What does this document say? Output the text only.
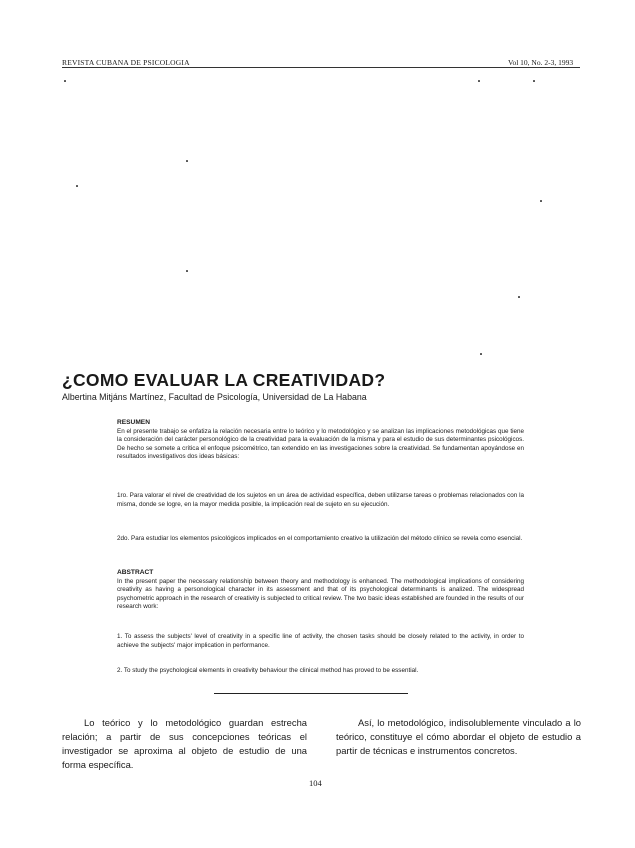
REVISTA CUBANA DE PSICOLOGIA	Vol 10, No. 2-3, 1993
¿COMO EVALUAR LA CREATIVIDAD?
Albertina Mitjáns Martínez, Facultad de Psicología, Universidad de La Habana
RESUMEN

En el presente trabajo se enfatiza la relación necesaria entre lo teórico y lo metodológico y se analizan las implicaciones metodológicas que tiene la consideración del carácter personológico de la creatividad para la evaluación de la misma y para el estudio de sus determinantes psicológicos. De hecho se somete a crítica el enfoque psicométrico, tan extendido en las investigaciones sobre la creatividad. Se fundamentan apoyándose en resultados investigativos dos ideas básicas:

1ro. Para valorar el nivel de creatividad de los sujetos en un área de actividad específica, deben utilizarse tareas o problemas relacionados con la misma, donde se logre, en la mayor medida posible, la implicación real de sujeto en su ejecución.

2do. Para estudiar los elementos psicológicos implicados en el comportamiento creativo la utilización del método clínico se revela como esencial.

ABSTRACT

In the present paper the necessary relationship between theory and methodology is enhanced. The methodological implications of considering creativity as having a personological character in its assessment and that of its psychological determinants is analized. The widespread psychometric approach in the research of creativity is subjected to critical review. The two basic ideas established are founded in the results of our research work:

1. To assess the subjects' level of creativity in a specific line of activity, the chosen tasks should be closely related to the activity, in order to achieve the subjects' major implication in performance.

2. To study the psychological elements in creativity behaviour the clinical method has proved to be essential.

Lo teórico y lo metodológico guardan estrecha relación; a partir de sus concepciones teóricas el investigador se aproxima al objeto de estudio de una forma específica.

Así, lo metodológico, indisolublemente vinculado a lo teórico, constituye el cómo abordar el objeto de estudio a partir de técnicas e instrumentos concretos.

104
